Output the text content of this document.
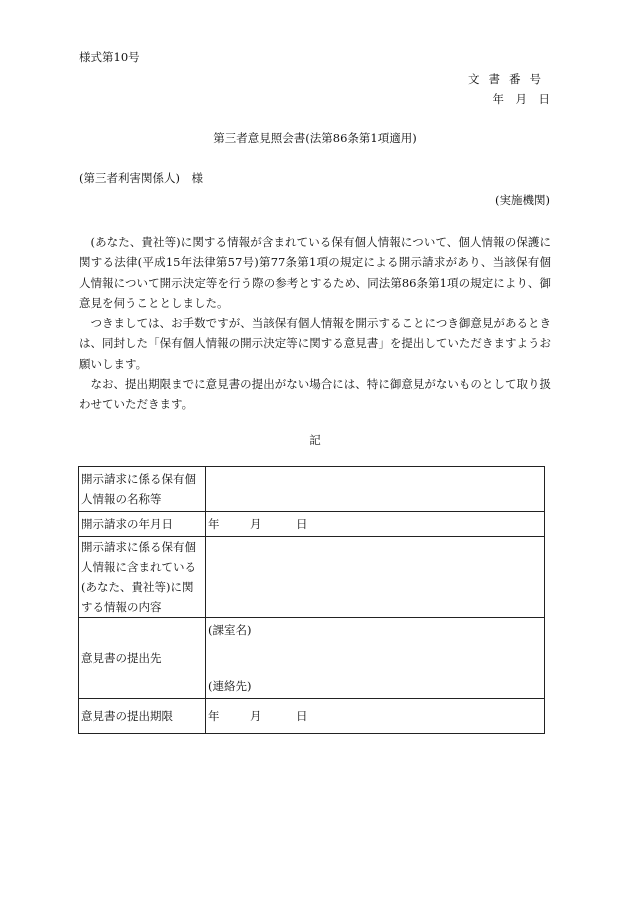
様式第10号
文書番号
年　月　日
第三者意見照会書(法第86条第1項適用)
(第三者利害関係人)　様
(実施機関)

(あなた、貴社等)に関する情報が含まれている保有個人情報について、個人情報の保護に関する法律(平成15年法律第57号)第77条第1項の規定による開示請求があり、当該保有個人情報について開示決定等を行う際の参考とするため、同法第86条第1項の規定により、御意見を伺うこととしました。

つきましては、お手数ですが、当該保有個人情報を開示することにつき御意見があるときは、同封した「保有個人情報の開示決定等に関する意見書」を提出していただきますようお願いします。

なお、提出期限までに意見書の提出がない場合には、特に御意見がないものとして取り扱わせていただきます。

記
開示請求に係る保有個人情報の名称等	
開示請求の年月日	年 月 日
開示請求に係る保有個人情報に含まれている(あなた、貴社等)に関する情報の内容	
意見書の提出先	(課室名)
(連絡先)

意見書の提出期限	年 月 日
